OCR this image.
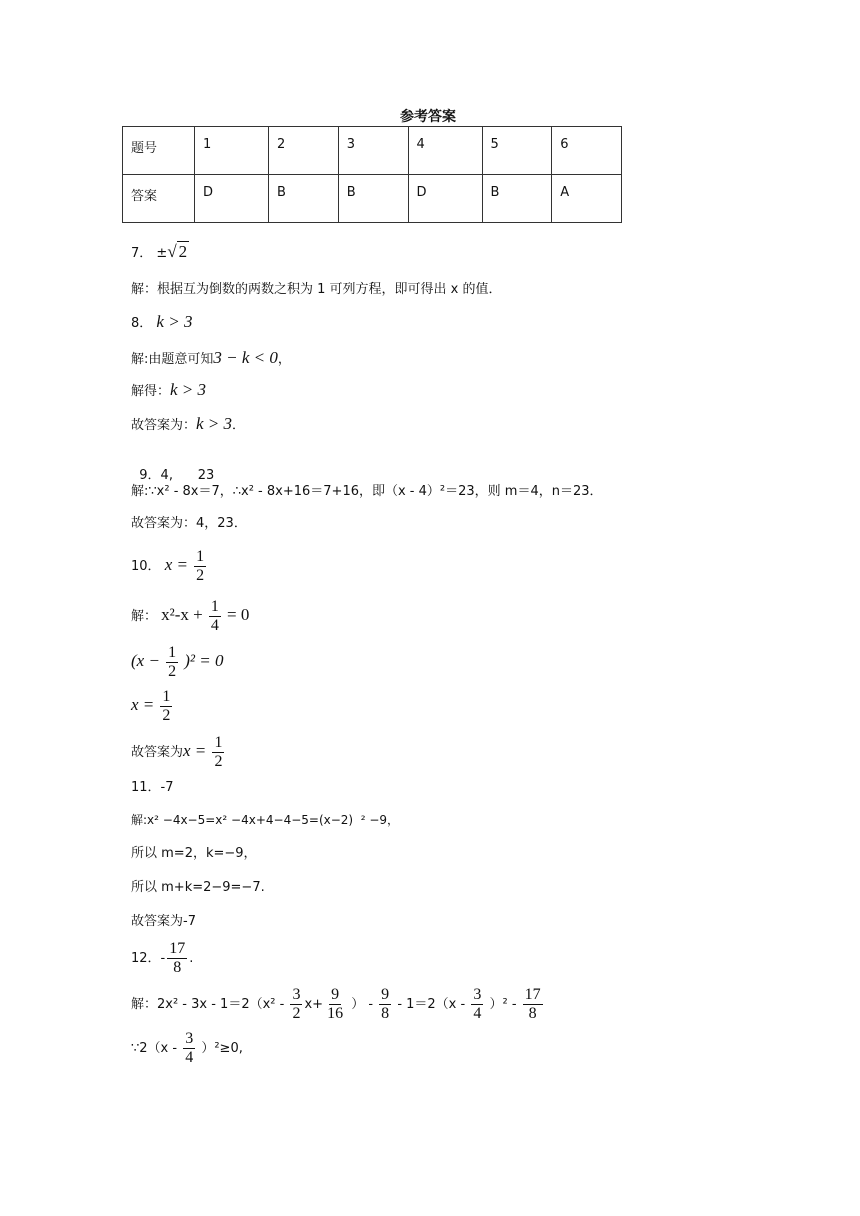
参考答案
题号	1	2	3	4	5	6
答案	D	B	B	D	B	A
7． ±√ 2
解：根据互为倒数的两数之积为 1 可列方程，即可得出 x 的值．
8． k > 3
解:由题意可知3 − k < 0，
解得：k > 3
故答案为：k > 3．

9．4,      23

解:∵x² - 8x＝7，∴x² - 8x+16＝7+16，即（x - 4）²＝23，则 m＝4，n＝23．
故答案为：4，23．
10． $x = \frac{1}{2}$
解： $x^2-x + \frac{1}{4} = 0$
$(x - \frac{1}{2} )^2 = 0$
$x = \frac{1}{2}$
故答案为$x = \frac{1}{2}$
11．-7
解:x² −4x−5=x² −4x+4−4−5=(x−2)  ² −9，
所以 m=2，k=−9，
所以 m+k=2−9=−7.
故答案为-7
12．- $\frac{17}{8}$ .
解：$2x^2 - 3x - 1=2(x^2 - \frac{3}{2} x+ \frac{9}{16}$ ） - $\frac{9}{8} - 1=2(x - \frac{3}{4} )^2 - \frac{17}{8}$
∵2（x - $\frac{3}{4} )^2\ge 0$,
